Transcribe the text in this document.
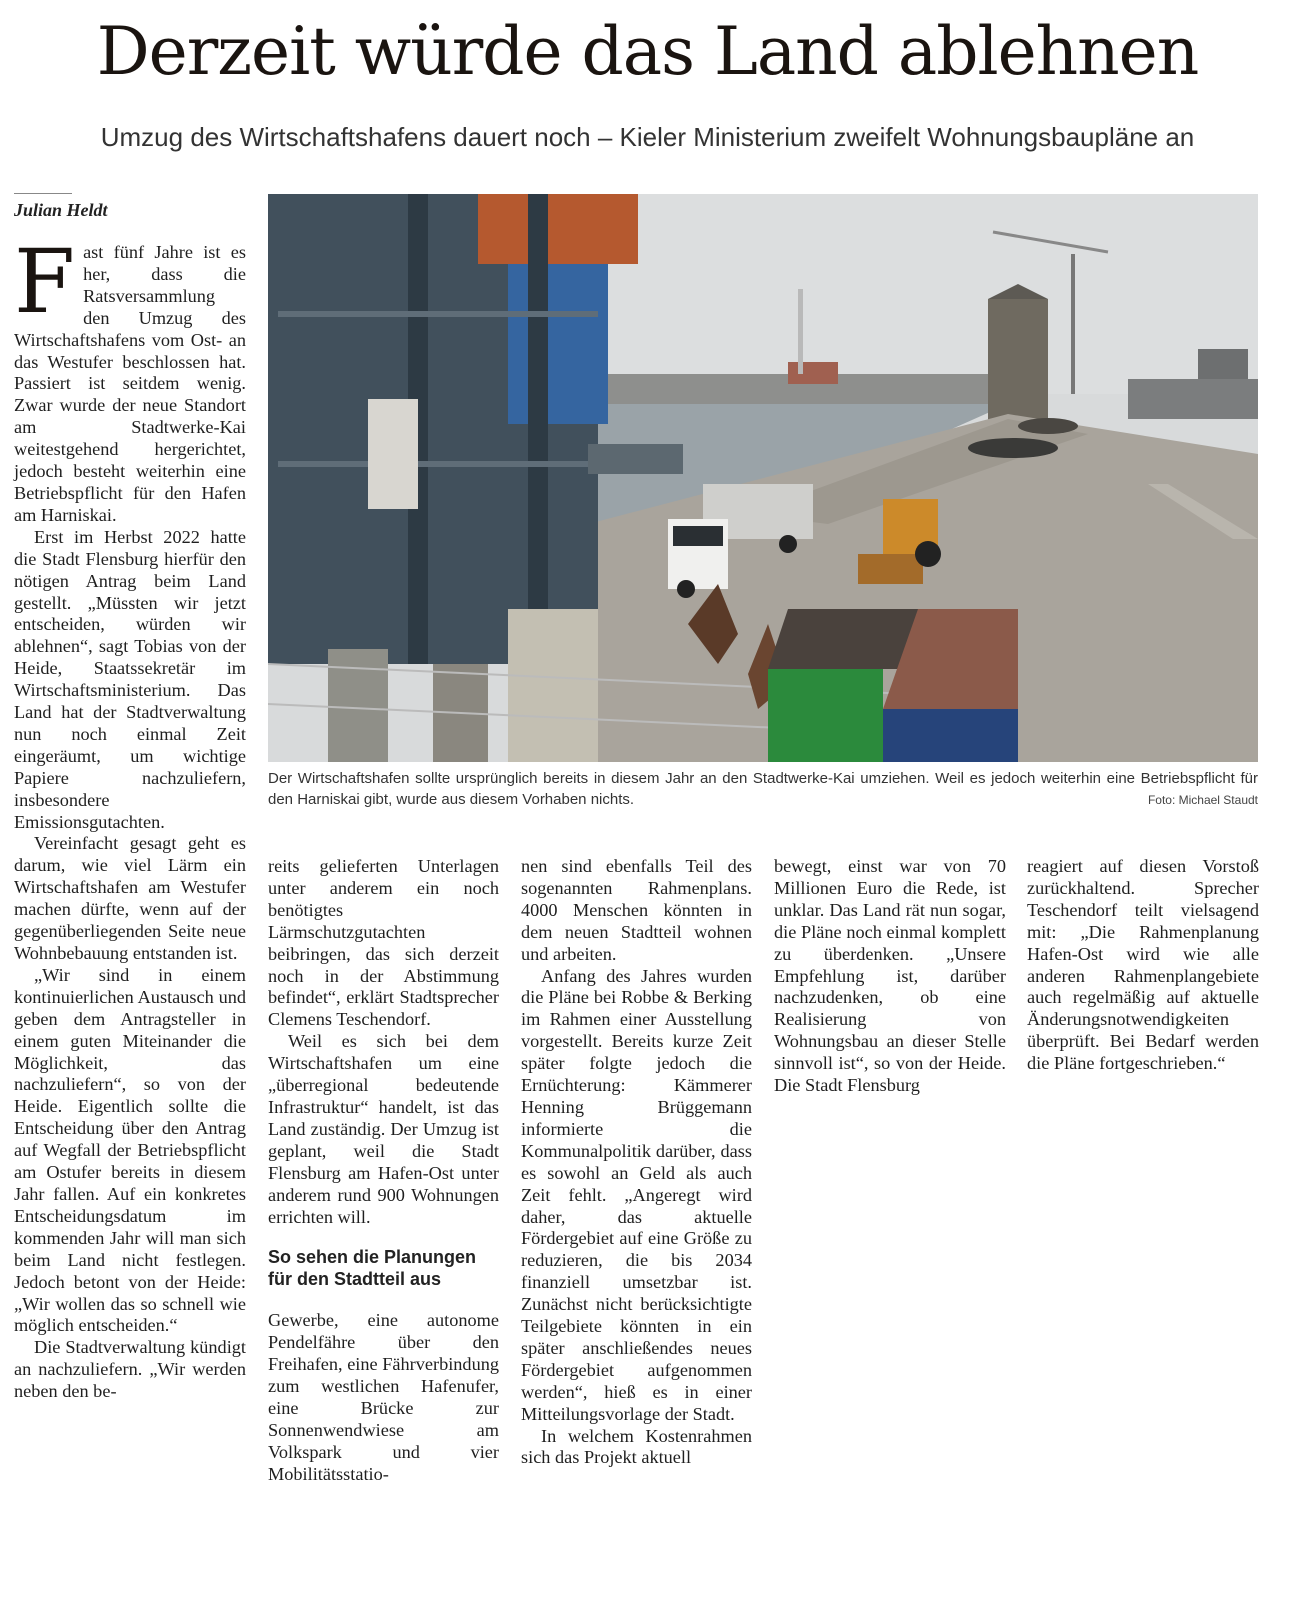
Derzeit würde das Land ablehnen

Umzug des Wirtschaftshafens dauert noch – Kieler Ministerium zweifelt Wohnungsbaupläne an

Julian Heldt
Der Wirtschaftshafen sollte ursprünglich bereits in diesem Jahr an den Stadtwerke-Kai umziehen. Weil es jedoch weiterhin eine Betriebspflicht für den Harniskai gibt, wurde aus diesem Vorhaben nichts.	Foto: Michael Staudt

Fast fünf Jahre ist es her, dass die Ratsversammlung den Umzug des Wirtschaftshafens vom Ost- an das Westufer beschlossen hat. Passiert ist seitdem wenig. Zwar wurde der neue Standort am Stadtwerke-Kai weitestgehend hergerichtet, jedoch besteht weiterhin eine Betriebspflicht für den Hafen am Harniskai.

Erst im Herbst 2022 hatte die Stadt Flensburg hierfür den nötigen Antrag beim Land gestellt. „Müssten wir jetzt entscheiden, würden wir ablehnen“, sagt Tobias von der Heide, Staatssekretär im Wirtschaftsministerium. Das Land hat der Stadtverwaltung nun noch einmal Zeit eingeräumt, um wichtige Papiere nachzuliefern, insbesondere Emissionsgutachten.

Vereinfacht gesagt geht es darum, wie viel Lärm ein Wirtschaftshafen am Westufer machen dürfte, wenn auf der gegenüberliegenden Seite neue Wohnbebauung entstanden ist.

„Wir sind in einem kontinuierlichen Austausch und geben dem Antragsteller in einem guten Miteinander die Möglichkeit, das nachzuliefern“, so von der Heide. Eigentlich sollte die Entscheidung über den Antrag auf Wegfall der Betriebspflicht am Ostufer bereits in diesem Jahr fallen. Auf ein konkretes Entscheidungsdatum im kommenden Jahr will man sich beim Land nicht festlegen. Jedoch betont von der Heide: „Wir wollen das so schnell wie möglich entscheiden.“

Die Stadtverwaltung kündigt an nachzuliefern. „Wir werden neben den be-

reits gelieferten Unterlagen unter anderem ein noch benötigtes Lärmschutzgutachten beibringen, das sich derzeit noch in der Abstimmung befindet“, erklärt Stadtsprecher Clemens Teschendorf.

Weil es sich bei dem Wirtschaftshafen um eine „überregional bedeutende Infrastruktur“ handelt, ist das Land zuständig. Der Umzug ist geplant, weil die Stadt Flensburg am Hafen-Ost unter anderem rund 900 Wohnungen errichten will.

So sehen die Planungen für den Stadtteil aus

Gewerbe, eine autonome Pendelfähre über den Freihafen, eine Fährverbindung zum westlichen Hafenufer, eine Brücke zur Sonnenwendwiese am Volkspark und vier Mobilitätsstatio-

nen sind ebenfalls Teil des sogenannten Rahmenplans. 4000 Menschen könnten in dem neuen Stadtteil wohnen und arbeiten.

Anfang des Jahres wurden die Pläne bei Robbe & Berking im Rahmen einer Ausstellung vorgestellt. Bereits kurze Zeit später folgte jedoch die Ernüchterung: Kämmerer Henning Brüggemann informierte die Kommunalpolitik darüber, dass es sowohl an Geld als auch Zeit fehlt. „Angeregt wird daher, das aktuelle Fördergebiet auf eine Größe zu reduzieren, die bis 2034 finanziell umsetzbar ist. Zunächst nicht berücksichtigte Teilgebiete könnten in ein später anschließendes neues Fördergebiet aufgenommen werden“, hieß es in einer Mitteilungsvorlage der Stadt.

In welchem Kostenrahmen sich das Projekt aktuell

bewegt, einst war von 70 Millionen Euro die Rede, ist unklar. Das Land rät nun sogar, die Pläne noch einmal komplett zu überdenken. „Unsere Empfehlung ist, darüber nachzudenken, ob eine Realisierung von Wohnungsbau an dieser Stelle sinnvoll ist“, so von der Heide. Die Stadt Flensburg

reagiert auf diesen Vorstoß zurückhaltend. Sprecher Teschendorf teilt vielsagend mit: „Die Rahmenplanung Hafen-Ost wird wie alle anderen Rahmenplangebiete auch regelmäßig auf aktuelle Änderungsnotwendigkeiten überprüft. Bei Bedarf werden die Pläne fortgeschrieben.“
